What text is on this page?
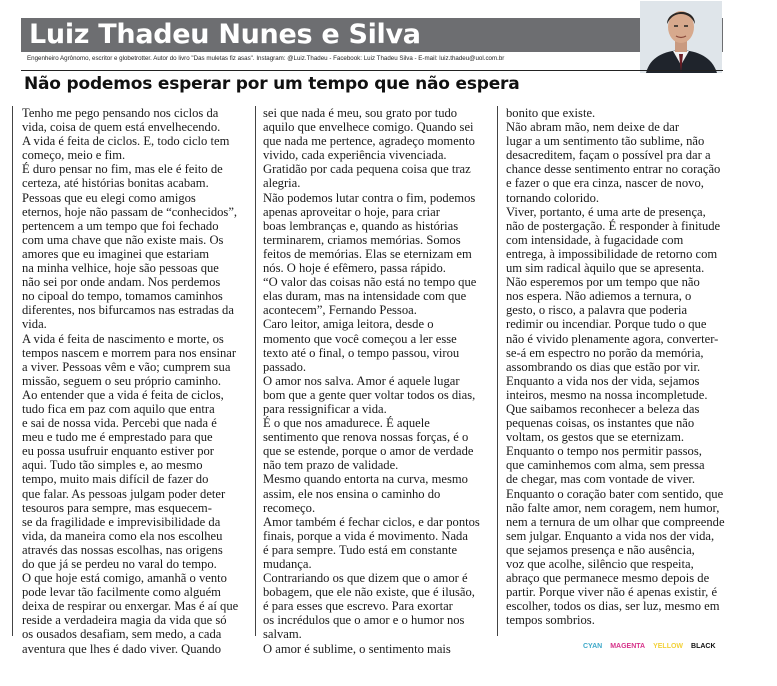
Luiz Thadeu Nunes e Silva
Engenheiro Agrônomo, escritor e globetrotter. Autor do livro "Das muletas fiz asas". Instagram: @Luiz.Thadeu - Facebook: Luiz Thadeu Silva - E-mail: luiz.thadeu@uol.com.br
Não podemos esperar por um tempo que não espera
Tenho me pego pensando nos ciclos da
vida, coisa de quem está envelhecendo.
A vida é feita de ciclos. E, todo ciclo tem
começo, meio e fim.
É duro pensar no fim, mas ele é feito de
certeza, até histórias bonitas acabam.
Pessoas que eu elegi como amigos
eternos, hoje não passam de “conhecidos”,
pertencem a um tempo que foi fechado
com uma chave que não existe mais. Os
amores que eu imaginei que estariam
na minha velhice, hoje são pessoas que
não sei por onde andam. Nos perdemos
no cipoal do tempo, tomamos caminhos
diferentes, nos bifurcamos nas estradas da
vida.
A vida é feita de nascimento e morte, os
tempos nascem e morrem para nos ensinar
a viver. Pessoas vêm e vão; cumprem sua
missão, seguem o seu próprio caminho.
Ao entender que a vida é feita de ciclos,
tudo fica em paz com aquilo que entra
e sai de nossa vida. Percebi que nada é
meu e tudo me é emprestado para que
eu possa usufruir enquanto estiver por
aqui. Tudo tão simples e, ao mesmo
tempo, muito mais difícil de fazer do
que falar. As pessoas julgam poder deter
tesouros para sempre, mas esquecem-
se da fragilidade e imprevisibilidade da
vida, da maneira como ela nos escolheu
através das nossas escolhas, nas origens
do que já se perdeu no varal do tempo.
O que hoje está comigo, amanhã o vento
pode levar tão facilmente como alguém
deixa de respirar ou enxergar. Mas é aí que
reside a verdadeira magia da vida que só
os ousados desafiam, sem medo, a cada
aventura que lhes é dado viver. Quando
sei que nada é meu, sou grato por tudo
aquilo que envelhece comigo. Quando sei
que nada me pertence, agradeço momento
vivido, cada experiência vivenciada.
Gratidão por cada pequena coisa que traz
alegria.
Não podemos lutar contra o fim, podemos
apenas aproveitar o hoje, para criar
boas lembranças e, quando as histórias
terminarem, criamos memórias. Somos
feitos de memórias. Elas se eternizam em
nós. O hoje é efêmero, passa rápido.
“O valor das coisas não está no tempo que
elas duram, mas na intensidade com que
acontecem”, Fernando Pessoa.
Caro leitor, amiga leitora, desde o
momento que você começou a ler esse
texto até o final, o tempo passou, virou
passado.
O amor nos salva. Amor é aquele lugar
bom que a gente quer voltar todos os dias,
para ressignificar a vida.
É o que nos amadurece. É aquele
sentimento que renova nossas forças, é o
que se estende, porque o amor de verdade
não tem prazo de validade.
Mesmo quando entorta na curva, mesmo
assim, ele nos ensina o caminho do
recomeço.
Amor também é fechar ciclos, e dar pontos
finais, porque a vida é movimento. Nada
é para sempre. Tudo está em constante
mudança.
Contrariando os que dizem que o amor é
bobagem, que ele não existe, que é ilusão,
é para esses que escrevo. Para exortar
os incrédulos que o amor e o humor nos
salvam.
O amor é sublime, o sentimento mais
bonito que existe.
Não abram mão, nem deixe de dar
lugar a um sentimento tão sublime, não
desacreditem, façam o possível pra dar a
chance desse sentimento entrar no coração
e fazer o que era cinza, nascer de novo,
tornando colorido.
Viver, portanto, é uma arte de presença,
não de postergação. É responder à finitude
com intensidade, à fugacidade com
entrega, à impossibilidade de retorno com
um sim radical àquilo que se apresenta.
Não esperemos por um tempo que não
nos espera. Não adiemos a ternura, o
gesto, o risco, a palavra que poderia
redimir ou incendiar. Porque tudo o que
não é vivido plenamente agora, converter-
se-á em espectro no porão da memória,
assombrando os dias que estão por vir.
Enquanto a vida nos der vida, sejamos
inteiros, mesmo na nossa incompletude.
Que saibamos reconhecer a beleza das
pequenas coisas, os instantes que não
voltam, os gestos que se eternizam.
Enquanto o tempo nos permitir passos,
que caminhemos com alma, sem pressa
de chegar, mas com vontade de viver.
Enquanto o coração bater com sentido, que
não falte amor, nem coragem, nem humor,
nem a ternura de um olhar que compreende
sem julgar. Enquanto a vida nos der vida,
que sejamos presença e não ausência,
voz que acolhe, silêncio que respeita,
abraço que permanece mesmo depois de
partir. Porque viver não é apenas existir, é
escolher, todos os dias, ser luz, mesmo em
tempos sombrios.
CYAN MAGENTA YELLOW BLACK
